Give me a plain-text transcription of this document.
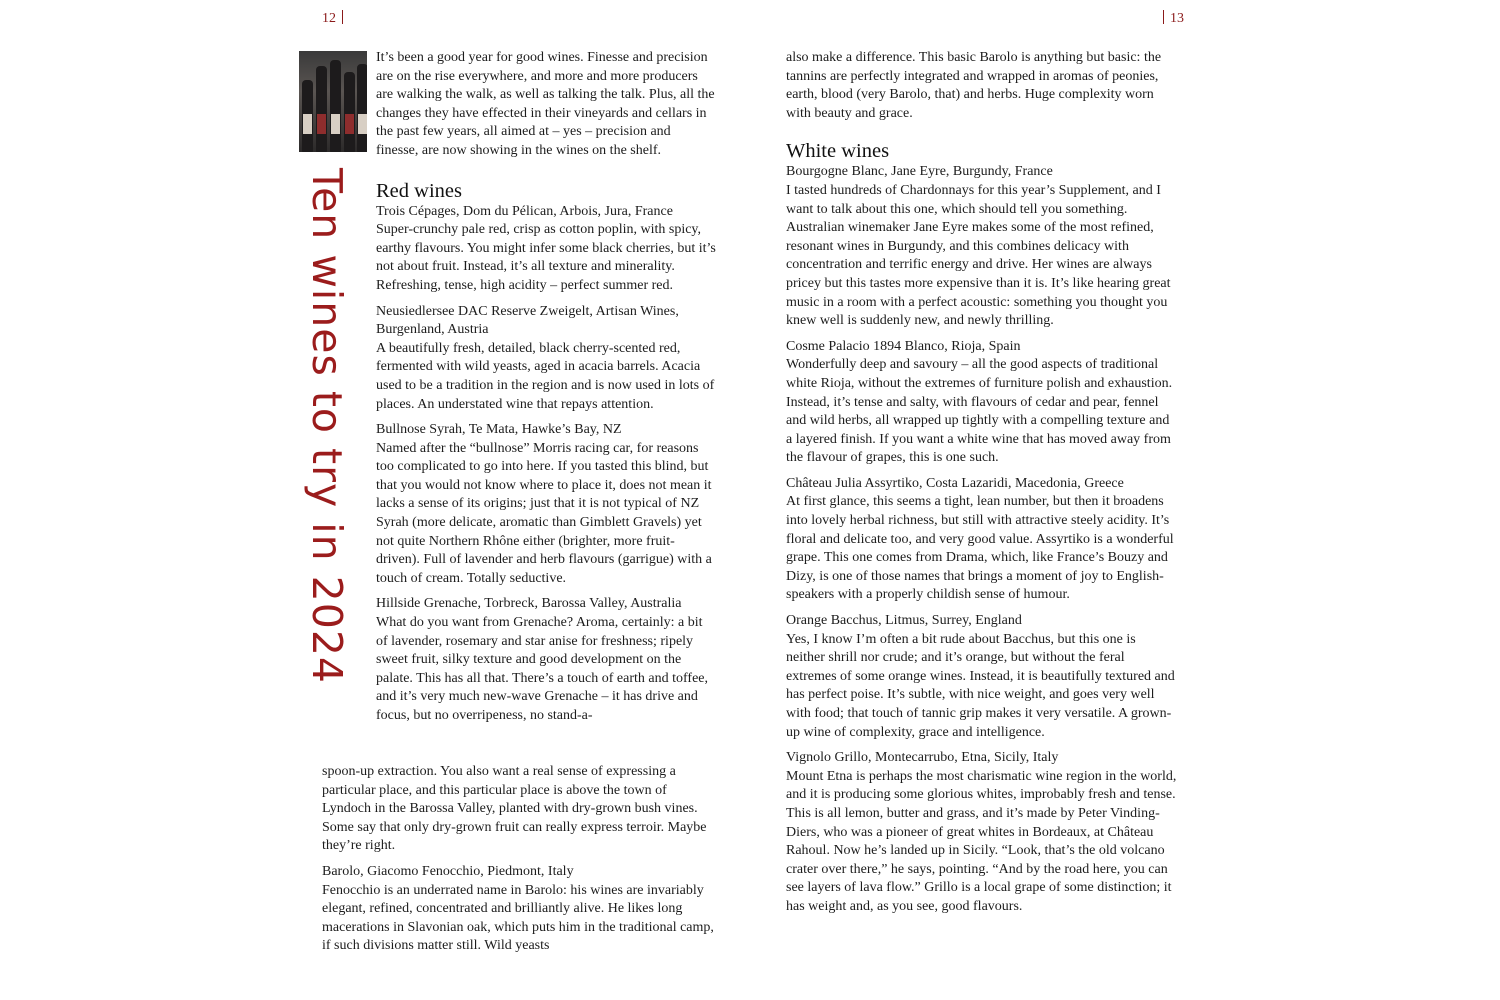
12	13
Ten wines to try in 2024

It’s been a good year for good wines. Finesse and precision are on the rise everywhere, and more and more producers are walking the walk, as well as talking the talk. Plus, all the changes they have effected in their vineyards and cellars in the past few years, all aimed at – yes – precision and finesse, are now showing in the wines on the shelf.

Red wines
Trois Cépages, Dom du Pélican, Arbois, Jura, France
Super-crunchy pale red, crisp as cotton poplin, with spicy, earthy flavours. You might infer some black cherries, but it’s not about fruit. Instead, it’s all texture and minerality. Refreshing, tense, high acidity – perfect summer red.
Neusiedlersee DAC Reserve Zweigelt, Artisan Wines, Burgenland, Austria
A beautifully fresh, detailed, black cherry-scented red, fermented with wild yeasts, aged in acacia barrels. Acacia used to be a tradition in the region and is now used in lots of places. An understated wine that repays attention.
Bullnose Syrah, Te Mata, Hawke’s Bay, NZ
Named after the “bullnose” Morris racing car, for reasons too complicated to go into here. If you tasted this blind, but that you would not know where to place it, does not mean it lacks a sense of its origins; just that it is not typical of NZ Syrah (more delicate, aromatic than Gimblett Gravels) yet not quite Northern Rhône either (brighter, more fruit-driven). Full of lavender and herb flavours (garrigue) with a touch of cream. Totally seductive.
Hillside Grenache, Torbreck, Barossa Valley, Australia
What do you want from Grenache? Aroma, certainly: a bit of lavender, rosemary and star anise for freshness; ripely sweet fruit, silky texture and good development on the palate. This has all that. There’s a touch of earth and toffee, and it’s very much new-wave Grenache – it has drive and focus, but no overripeness, no stand-a-

spoon-up extraction. You also want a real sense of expressing a particular place, and this particular place is above the town of Lyndoch in the Barossa Valley, planted with dry-grown bush vines. Some say that only dry-grown fruit can really express terroir. Maybe they’re right.

Barolo, Giacomo Fenocchio, Piedmont, Italy
Fenocchio is an underrated name in Barolo: his wines are invariably elegant, refined, concentrated and brilliantly alive. He likes long macerations in Slavonian oak, which puts him in the traditional camp, if such divisions matter still. Wild yeasts

also make a difference. This basic Barolo is anything but basic: the tannins are perfectly integrated and wrapped in aromas of peonies, earth, blood (very Barolo, that) and herbs. Huge complexity worn with beauty and grace.

White wines
Bourgogne Blanc, Jane Eyre, Burgundy, France
I tasted hundreds of Chardonnays for this year’s Supplement, and I want to talk about this one, which should tell you something. Australian winemaker Jane Eyre makes some of the most refined, resonant wines in Burgundy, and this combines delicacy with concentration and terrific energy and drive. Her wines are always pricey but this tastes more expensive than it is. It’s like hearing great music in a room with a perfect acoustic: something you thought you knew well is suddenly new, and newly thrilling.
Cosme Palacio 1894 Blanco, Rioja, Spain
Wonderfully deep and savoury – all the good aspects of traditional white Rioja, without the extremes of furniture polish and exhaustion. Instead, it’s tense and salty, with flavours of cedar and pear, fennel and wild herbs, all wrapped up tightly with a compelling texture and a layered finish. If you want a white wine that has moved away from the flavour of grapes, this is one such.
Château Julia Assyrtiko, Costa Lazaridi, Macedonia, Greece
At first glance, this seems a tight, lean number, but then it broadens into lovely herbal richness, but still with attractive steely acidity. It’s floral and delicate too, and very good value. Assyrtiko is a wonderful grape. This one comes from Drama, which, like France’s Bouzy and Dizy, is one of those names that brings a moment of joy to English-speakers with a properly childish sense of humour.
Orange Bacchus, Litmus, Surrey, England
Yes, I know I’m often a bit rude about Bacchus, but this one is neither shrill nor crude; and it’s orange, but without the feral extremes of some orange wines. Instead, it is beautifully textured and has perfect poise. It’s subtle, with nice weight, and goes very well with food; that touch of tannic grip makes it very versatile. A grown-up wine of complexity, grace and intelligence.
Vignolo Grillo, Montecarrubo, Etna, Sicily, Italy
Mount Etna is perhaps the most charismatic wine region in the world, and it is producing some glorious whites, improbably fresh and tense. This is all lemon, butter and grass, and it’s made by Peter Vinding-Diers, who was a pioneer of great whites in Bordeaux, at Château Rahoul. Now he’s landed up in Sicily. “Look, that’s the old volcano crater over there,” he says, pointing. “And by the road here, you can see layers of lava flow.” Grillo is a local grape of some distinction; it has weight and, as you see, good flavours.
